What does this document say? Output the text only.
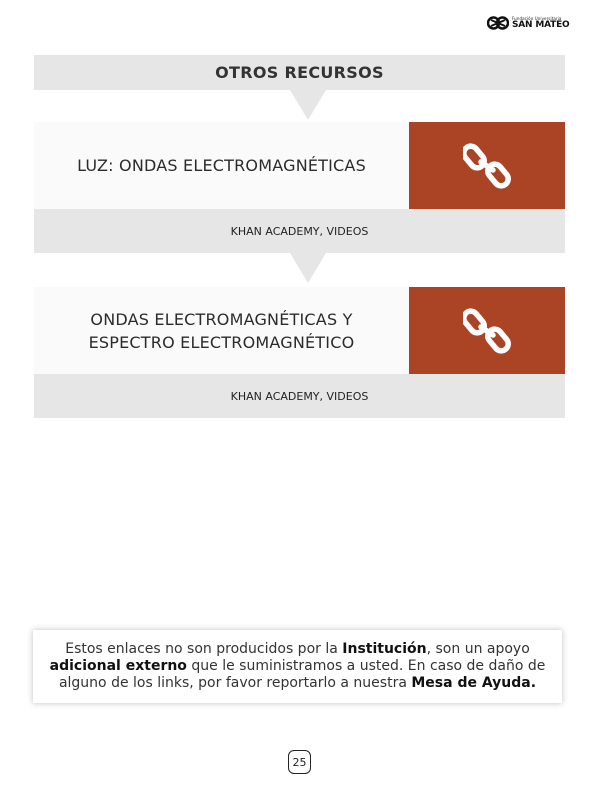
Fundación Universitaria
SAN MATEO
OTROS RECURSOS
LUZ: ONDAS ELECTROMAGNÉTICAS
KHAN ACADEMY, VIDEOS
ONDAS ELECTROMAGNÉTICAS Y
ESPECTRO ELECTROMAGNÉTICO
KHAN ACADEMY, VIDEOS

Estos enlaces no son producidos por la Institución, son un apoyo adicional externo que le suministramos a usted. En caso de daño de alguno de los links, por favor reportarlo a nuestra Mesa de Ayuda.

25
